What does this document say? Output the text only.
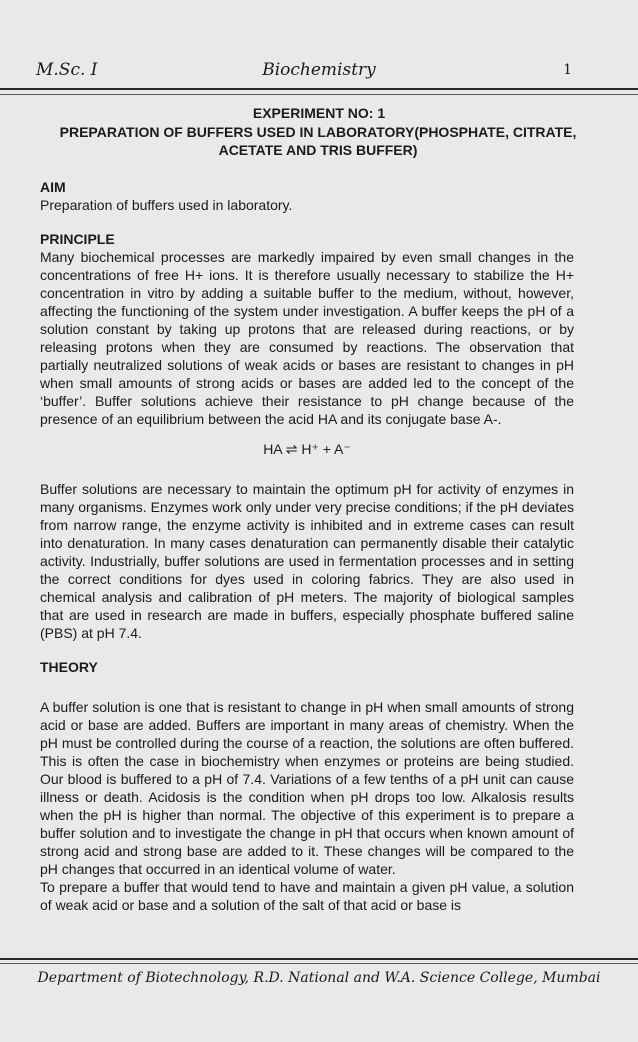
M.Sc. I	Biochemistry	1
EXPERIMENT NO: 1
PREPARATION OF BUFFERS USED IN LABORATORY(PHOSPHATE, CITRATE, ACETATE AND TRIS BUFFER)
AIM

Preparation of buffers used in laboratory.

PRINCIPLE

Many biochemical processes are markedly impaired by even small changes in the concentrations of free H+ ions. It is therefore usually necessary to stabilize the H+ concentration in vitro by adding a suitable buffer to the medium, without, however, affecting the functioning of the system under investigation. A buffer keeps the pH of a solution constant by taking up protons that are released during reactions, or by releasing protons when they are consumed by reactions. The observation that partially neutralized solutions of weak acids or bases are resistant to changes in pH when small amounts of strong acids or bases are added led to the concept of the ‘buffer’. Buffer solutions achieve their resistance to pH change because of the presence of an equilibrium between the acid HA and its conjugate base A-.

HA ⇌ H⁺ + A⁻

Buffer solutions are necessary to maintain the optimum pH for activity of enzymes in many organisms. Enzymes work only under very precise conditions; if the pH deviates from narrow range, the enzyme activity is inhibited and in extreme cases can result into denaturation. In many cases denaturation can permanently disable their catalytic activity. Industrially, buffer solutions are used in fermentation processes and in setting the correct conditions for dyes used in coloring fabrics. They are also used in chemical analysis and calibration of pH meters. The majority of biological samples that are used in research are made in buffers, especially phosphate buffered saline (PBS) at pH 7.4.

THEORY

A buffer solution is one that is resistant to change in pH when small amounts of strong acid or base are added. Buffers are important in many areas of chemistry. When the pH must be controlled during the course of a reaction, the solutions are often buffered. This is often the case in biochemistry when enzymes or proteins are being studied. Our blood is buffered to a pH of 7.4. Variations of a few tenths of a pH unit can cause illness or death. Acidosis is the condition when pH drops too low. Alkalosis results when the pH is higher than normal. The objective of this experiment is to prepare a buffer solution and to investigate the change in pH that occurs when known amount of strong acid and strong base are added to it. These changes will be compared to the pH changes that occurred in an identical volume of water.

To prepare a buffer that would tend to have and maintain a given pH value, a solution of weak acid or base and a solution of the salt of that acid or base is

Department of Biotechnology, R.D. National and W.A. Science College, Mumbai
